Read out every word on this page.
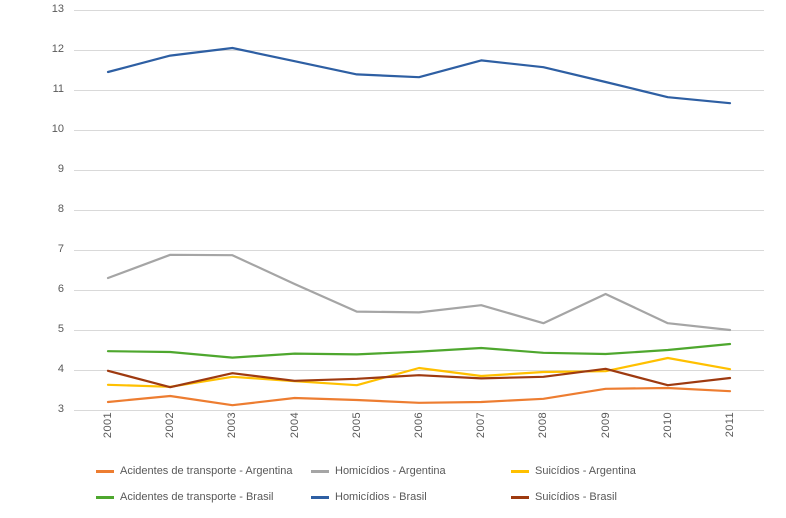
3
4
5
6
7
8
9
10
11
12
13
2001	2002	2003	2004	2005	2006	2007	2008	2009	2010	2011
Acidentes de transporte - Argentina	Homicídios - Argentina	Suicídios - Argentina
Acidentes de transporte - Brasil	Homicídios - Brasil	Suicídios - Brasil
